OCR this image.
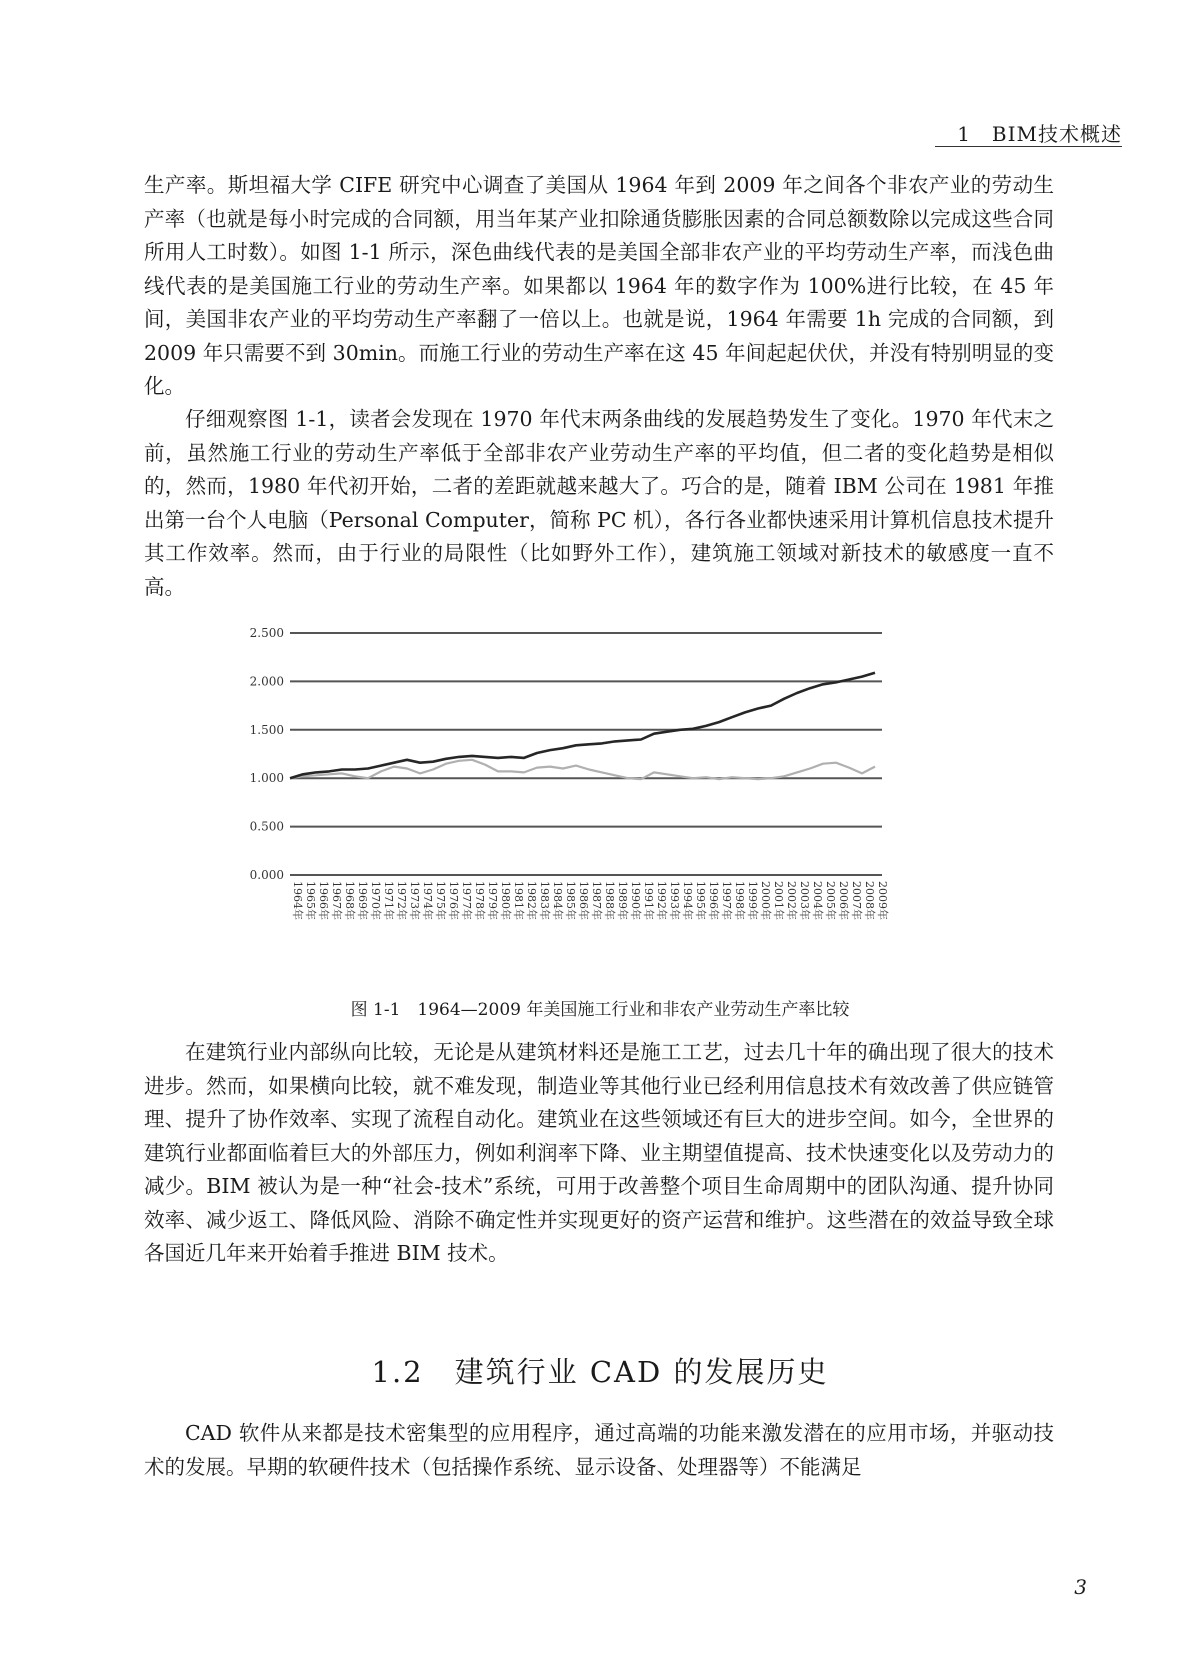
1　BIM技术概述

生产率。斯坦福大学 CIFE 研究中心调查了美国从 1964 年到 2009 年之间各个非农产业的劳动生产率（也就是每小时完成的合同额，用当年某产业扣除通货膨胀因素的合同总额数除以完成这些合同所用人工时数）。如图 1-1 所示，深色曲线代表的是美国全部非农产业的平均劳动生产率，而浅色曲线代表的是美国施工行业的劳动生产率。如果都以 1964 年的数字作为 100%进行比较，在 45 年间，美国非农产业的平均劳动生产率翻了一倍以上。也就是说，1964 年需要 1h 完成的合同额，到 2009 年只需要不到 30min。而施工行业的劳动生产率在这 45 年间起起伏伏，并没有特别明显的变化。

仔细观察图 1-1，读者会发现在 1970 年代末两条曲线的发展趋势发生了变化。1970 年代末之前，虽然施工行业的劳动生产率低于全部非农产业劳动生产率的平均值，但二者的变化趋势是相似的，然而，1980 年代初开始，二者的差距就越来越大了。巧合的是，随着 IBM 公司在 1981 年推出第一台个人电脑（Personal Computer，简称 PC 机），各行各业都快速采用计算机信息技术提升其工作效率。然而，由于行业的局限性（比如野外工作），建筑施工领域对新技术的敏感度一直不高。

0.000
0.500
1.000
1.500
2.000
2.500
1964年 1965年 1966年 1967年 1968年 1969年 1970年 1971年 1972年 1973年 1974年 1975年 1976年 1977年 1978年 1979年 1980年 1981年 1982年 1983年 1984年 1985年 1986年 1987年 1988年 1989年 1990年 1991年 1992年 1993年 1994年 1995年 1996年 1997年 1998年 1999年 2000年 2001年 2002年 2003年 2004年 2005年 2006年 2007年 2008年 2009年
图 1-1　1964—2009 年美国施工行业和非农产业劳动生产率比较

在建筑行业内部纵向比较，无论是从建筑材料还是施工工艺，过去几十年的确出现了很大的技术进步。然而，如果横向比较，就不难发现，制造业等其他行业已经利用信息技术有效改善了供应链管理、提升了协作效率、实现了流程自动化。建筑业在这些领域还有巨大的进步空间。如今，全世界的建筑行业都面临着巨大的外部压力，例如利润率下降、业主期望值提高、技术快速变化以及劳动力的减少。BIM 被认为是一种“社会-技术”系统，可用于改善整个项目生命周期中的团队沟通、提升协同效率、减少返工、降低风险、消除不确定性并实现更好的资产运营和维护。这些潜在的效益导致全球各国近几年来开始着手推进 BIM 技术。

1.2　建筑行业 CAD 的发展历史

CAD 软件从来都是技术密集型的应用程序，通过高端的功能来激发潜在的应用市场，并驱动技术的发展。早期的软硬件技术（包括操作系统、显示设备、处理器等）不能满足

3
